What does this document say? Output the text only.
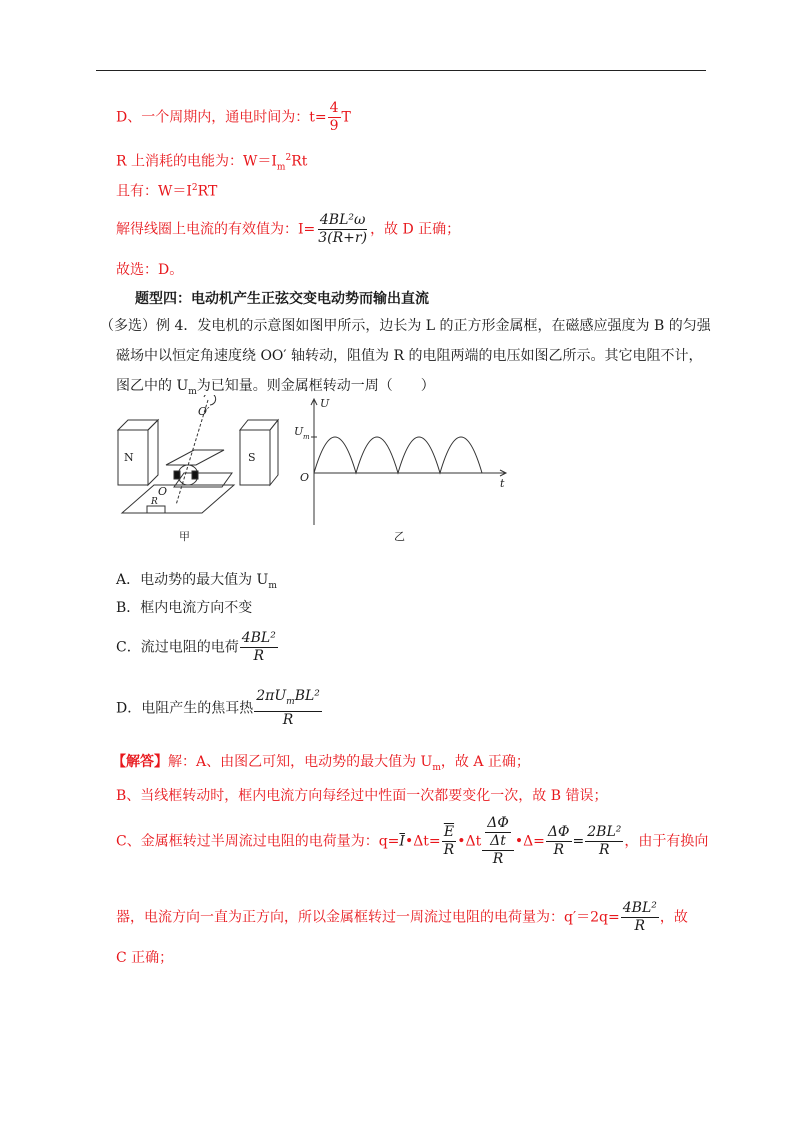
D、一个周期内，通电时间为：$t= \frac{4}{9}$ T
R 上消耗的电能为：$W=I_m^2Rt$
且有：$W=I^2RT$
解得线圈上电流的有效值为：$I= \frac{\text{4BL²ω}}{3(R+r)}$ ，故 D 正确；
故选：D。
题型四：电动机产生正弦交变电动势而输出直流
（多选）例 4．发电机的示意图如图甲所示，边长为 L 的正方形金属框，在磁感应强度为 B 的匀强
磁场中以恒定角速度绕 OO′ 轴转动，阻值为 R 的电阻两端的电压如图乙所示。其它电阻不计，
图乙中的 $U_m$为已知量。则金属框转动一周（　　）
N	S
O′
O
R
甲
U
U m
O	t
乙
A．电动势的最大值为 $U_m$
B．框内电流方向不变
C．流过电阻的电荷 $\frac{\text{4BL²}}{R}$
D．电阻产生的焦耳热 $\frac{2\pi U_mBL^2}{R}$
【解答】解：A、由图乙可知，电动势的最大值为 $U_m$，故 A 正确；
B、当线框转动时，框内电流方向每经过中性面一次都要变化一次，故 B 错误；
C、金属框转过半周流过电阻的电荷量为：$q=\overline{I}•\Delta t= \frac{\overline{E}}{R}$ •Δt $\frac{\frac{\Delta\Phi}{\Delta t}}{R}$ •Δ= $\frac{\Delta\Phi}{R} = \frac{\text{2BL²}}{R}$ ，由于有换向
器，电流方向一直为正方向，所以金属框转过一周流过电阻的电荷量为：$q'=2q= \frac{\text{4BL²}}{R}$ ，故
C 正确；
